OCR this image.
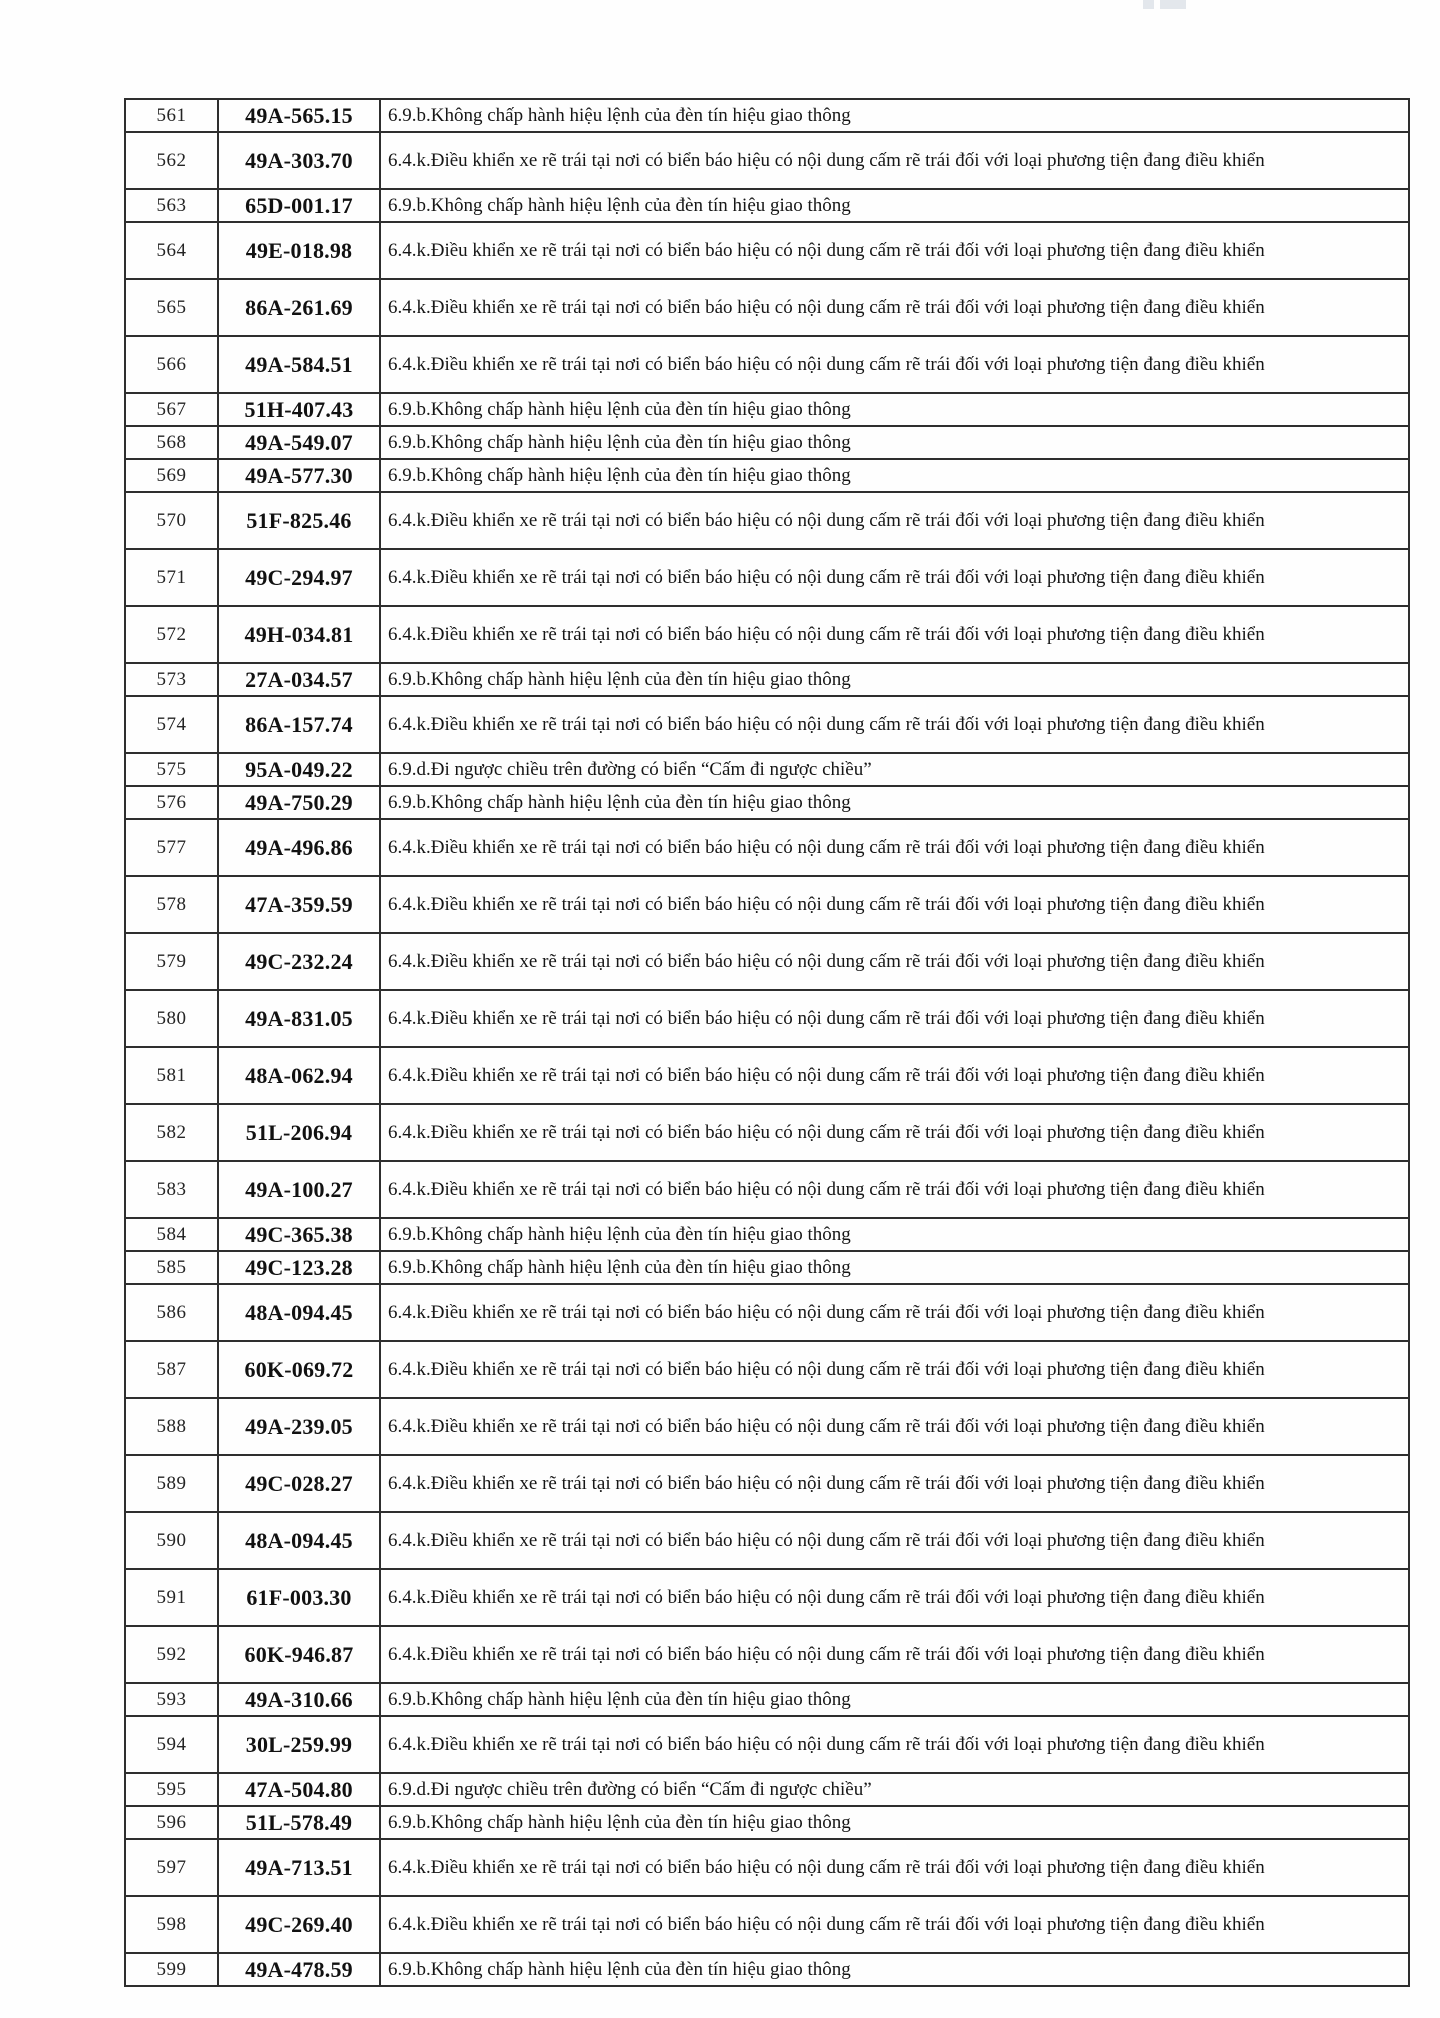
561	49A-565.15	6.9.b.Không chấp hành hiệu lệnh của đèn tín hiệu giao thông
562	49A-303.70	6.4.k.Điều khiển xe rẽ trái tại nơi có biển báo hiệu có nội dung cấm rẽ trái đối với loại phương tiện đang điều khiển
563	65D-001.17	6.9.b.Không chấp hành hiệu lệnh của đèn tín hiệu giao thông
564	49E-018.98	6.4.k.Điều khiển xe rẽ trái tại nơi có biển báo hiệu có nội dung cấm rẽ trái đối với loại phương tiện đang điều khiển
565	86A-261.69	6.4.k.Điều khiển xe rẽ trái tại nơi có biển báo hiệu có nội dung cấm rẽ trái đối với loại phương tiện đang điều khiển
566	49A-584.51	6.4.k.Điều khiển xe rẽ trái tại nơi có biển báo hiệu có nội dung cấm rẽ trái đối với loại phương tiện đang điều khiển
567	51H-407.43	6.9.b.Không chấp hành hiệu lệnh của đèn tín hiệu giao thông
568	49A-549.07	6.9.b.Không chấp hành hiệu lệnh của đèn tín hiệu giao thông
569	49A-577.30	6.9.b.Không chấp hành hiệu lệnh của đèn tín hiệu giao thông
570	51F-825.46	6.4.k.Điều khiển xe rẽ trái tại nơi có biển báo hiệu có nội dung cấm rẽ trái đối với loại phương tiện đang điều khiển
571	49C-294.97	6.4.k.Điều khiển xe rẽ trái tại nơi có biển báo hiệu có nội dung cấm rẽ trái đối với loại phương tiện đang điều khiển
572	49H-034.81	6.4.k.Điều khiển xe rẽ trái tại nơi có biển báo hiệu có nội dung cấm rẽ trái đối với loại phương tiện đang điều khiển
573	27A-034.57	6.9.b.Không chấp hành hiệu lệnh của đèn tín hiệu giao thông
574	86A-157.74	6.4.k.Điều khiển xe rẽ trái tại nơi có biển báo hiệu có nội dung cấm rẽ trái đối với loại phương tiện đang điều khiển
575	95A-049.22	6.9.d.Đi ngược chiều trên đường có biển “Cấm đi ngược chiều”
576	49A-750.29	6.9.b.Không chấp hành hiệu lệnh của đèn tín hiệu giao thông
577	49A-496.86	6.4.k.Điều khiển xe rẽ trái tại nơi có biển báo hiệu có nội dung cấm rẽ trái đối với loại phương tiện đang điều khiển
578	47A-359.59	6.4.k.Điều khiển xe rẽ trái tại nơi có biển báo hiệu có nội dung cấm rẽ trái đối với loại phương tiện đang điều khiển
579	49C-232.24	6.4.k.Điều khiển xe rẽ trái tại nơi có biển báo hiệu có nội dung cấm rẽ trái đối với loại phương tiện đang điều khiển
580	49A-831.05	6.4.k.Điều khiển xe rẽ trái tại nơi có biển báo hiệu có nội dung cấm rẽ trái đối với loại phương tiện đang điều khiển
581	48A-062.94	6.4.k.Điều khiển xe rẽ trái tại nơi có biển báo hiệu có nội dung cấm rẽ trái đối với loại phương tiện đang điều khiển
582	51L-206.94	6.4.k.Điều khiển xe rẽ trái tại nơi có biển báo hiệu có nội dung cấm rẽ trái đối với loại phương tiện đang điều khiển
583	49A-100.27	6.4.k.Điều khiển xe rẽ trái tại nơi có biển báo hiệu có nội dung cấm rẽ trái đối với loại phương tiện đang điều khiển
584	49C-365.38	6.9.b.Không chấp hành hiệu lệnh của đèn tín hiệu giao thông
585	49C-123.28	6.9.b.Không chấp hành hiệu lệnh của đèn tín hiệu giao thông
586	48A-094.45	6.4.k.Điều khiển xe rẽ trái tại nơi có biển báo hiệu có nội dung cấm rẽ trái đối với loại phương tiện đang điều khiển
587	60K-069.72	6.4.k.Điều khiển xe rẽ trái tại nơi có biển báo hiệu có nội dung cấm rẽ trái đối với loại phương tiện đang điều khiển
588	49A-239.05	6.4.k.Điều khiển xe rẽ trái tại nơi có biển báo hiệu có nội dung cấm rẽ trái đối với loại phương tiện đang điều khiển
589	49C-028.27	6.4.k.Điều khiển xe rẽ trái tại nơi có biển báo hiệu có nội dung cấm rẽ trái đối với loại phương tiện đang điều khiển
590	48A-094.45	6.4.k.Điều khiển xe rẽ trái tại nơi có biển báo hiệu có nội dung cấm rẽ trái đối với loại phương tiện đang điều khiển
591	61F-003.30	6.4.k.Điều khiển xe rẽ trái tại nơi có biển báo hiệu có nội dung cấm rẽ trái đối với loại phương tiện đang điều khiển
592	60K-946.87	6.4.k.Điều khiển xe rẽ trái tại nơi có biển báo hiệu có nội dung cấm rẽ trái đối với loại phương tiện đang điều khiển
593	49A-310.66	6.9.b.Không chấp hành hiệu lệnh của đèn tín hiệu giao thông
594	30L-259.99	6.4.k.Điều khiển xe rẽ trái tại nơi có biển báo hiệu có nội dung cấm rẽ trái đối với loại phương tiện đang điều khiển
595	47A-504.80	6.9.d.Đi ngược chiều trên đường có biển “Cấm đi ngược chiều”
596	51L-578.49	6.9.b.Không chấp hành hiệu lệnh của đèn tín hiệu giao thông
597	49A-713.51	6.4.k.Điều khiển xe rẽ trái tại nơi có biển báo hiệu có nội dung cấm rẽ trái đối với loại phương tiện đang điều khiển
598	49C-269.40	6.4.k.Điều khiển xe rẽ trái tại nơi có biển báo hiệu có nội dung cấm rẽ trái đối với loại phương tiện đang điều khiển
599	49A-478.59	6.9.b.Không chấp hành hiệu lệnh của đèn tín hiệu giao thông
